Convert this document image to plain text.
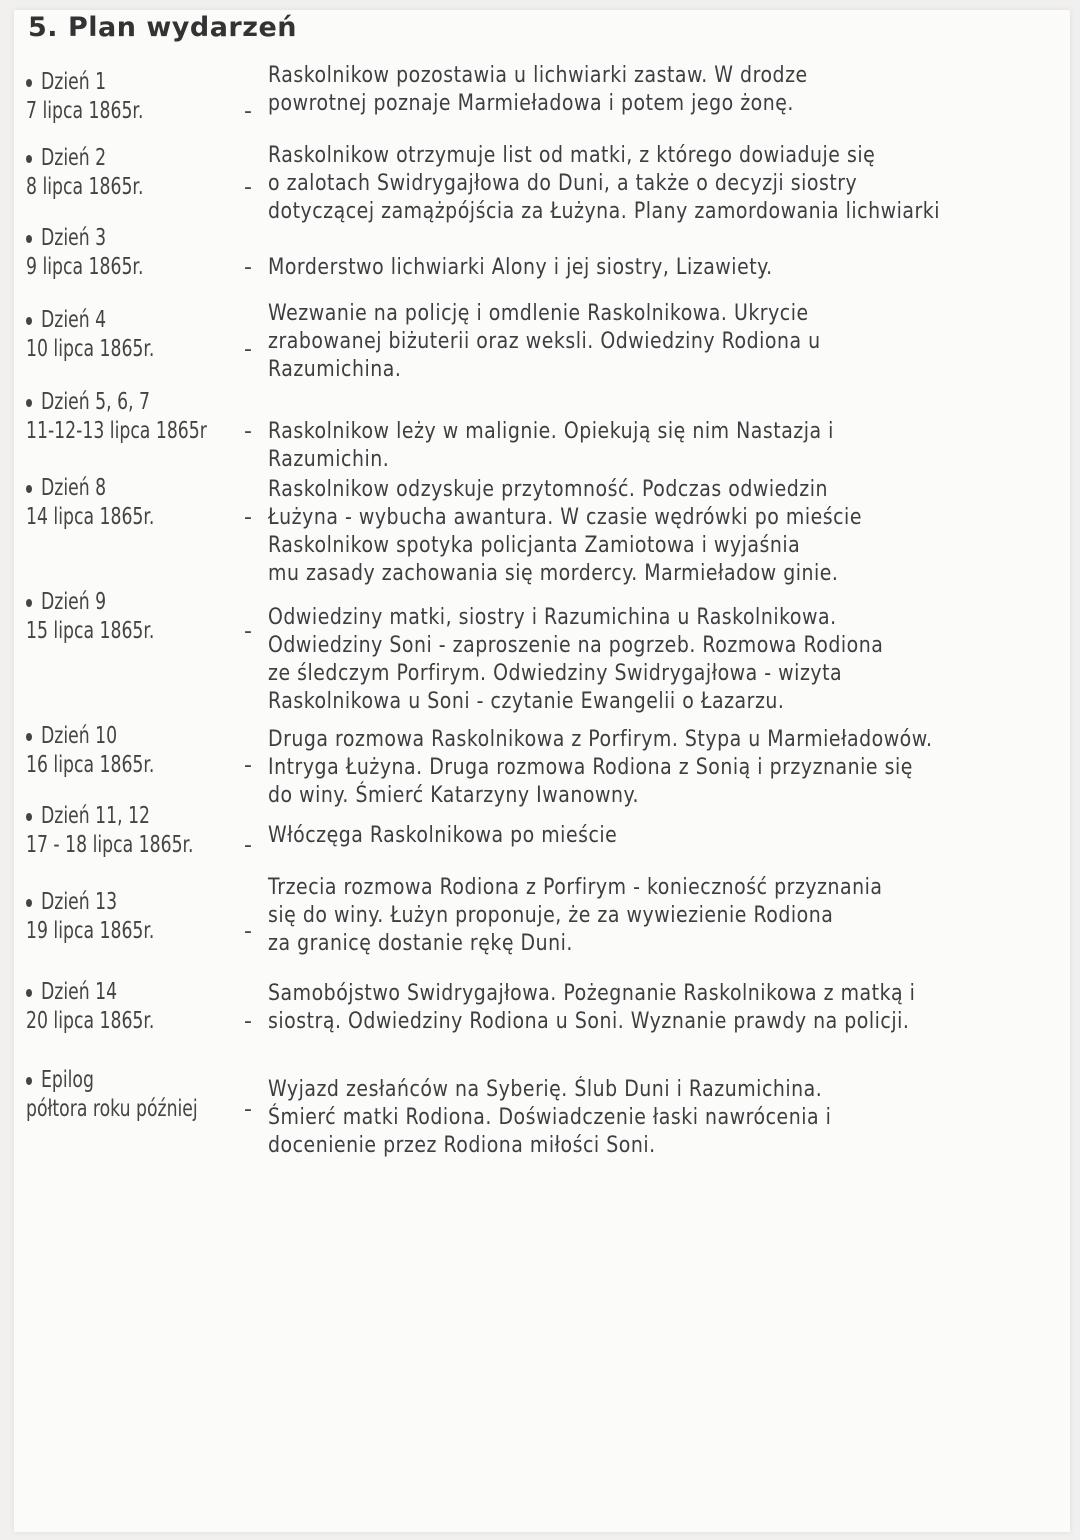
5. Plan wydarzeń
Dzień 1
7 lipca 1865r.	-
Raskolnikow pozostawia u lichwiarki zastaw. W drodze
powrotnej poznaje Marmieładowa i potem jego żonę.
Dzień 2
8 lipca 1865r.	-
Raskolnikow otrzymuje list od matki, z którego dowiaduje się
o zalotach Swidrygajłowa do Duni, a także o decyzji siostry
dotyczącej zamążpójścia za Łużyna. Plany zamordowania lichwiarki
Dzień 3
9 lipca 1865r.	- Morderstwo lichwiarki Alony i jej siostry, Lizawiety.
Dzień 4
10 lipca 1865r.	-
Wezwanie na policję i omdlenie Raskolnikowa. Ukrycie
zrabowanej biżuterii oraz weksli. Odwiedziny Rodiona u
Razumichina.
Dzień 5, 6, 7
11-12-13 lipca 1865r - Raskolnikow leży w malignie. Opiekują się nim Nastazja i
Razumichin.
Dzień 8
14 lipca 1865r.	-
Raskolnikow odzyskuje przytomność. Podczas odwiedzin
Łużyna - wybucha awantura. W czasie wędrówki po mieście
Raskolnikow spotyka policjanta Zamiotowa i wyjaśnia
mu zasady zachowania się mordercy. Marmieładow ginie.
Dzień 9
15 lipca 1865r.	-
Odwiedziny matki, siostry i Razumichina u Raskolnikowa.
Odwiedziny Soni - zaproszenie na pogrzeb. Rozmowa Rodiona
ze śledczym Porfirym. Odwiedziny Swidrygajłowa - wizyta
Raskolnikowa u Soni - czytanie Ewangelii o Łazarzu.
Dzień 10
16 lipca 1865r.	-
Druga rozmowa Raskolnikowa z Porfirym. Stypa u Marmieładowów.
Intryga Łużyna. Druga rozmowa Rodiona z Sonią i przyznanie się
do winy. Śmierć Katarzyny Iwanowny.
Dzień 11, 12
17 - 18 lipca 1865r. - Włóczęga Raskolnikowa po mieście
Dzień 13
19 lipca 1865r.	-
Trzecia rozmowa Rodiona z Porfirym - konieczność przyznania
się do winy. Łużyn proponuje, że za wywiezienie Rodiona
za granicę dostanie rękę Duni.
Dzień 14
20 lipca 1865r.	-
Samobójstwo Swidrygajłowa. Pożegnanie Raskolnikowa z matką i
siostrą. Odwiedziny Rodiona u Soni. Wyznanie prawdy na policji.
Epilog
półtora roku później -
Wyjazd zesłańców na Syberię. Ślub Duni i Razumichina.
Śmierć matki Rodiona. Doświadczenie łaski nawrócenia i
docenienie przez Rodiona miłości Soni.
